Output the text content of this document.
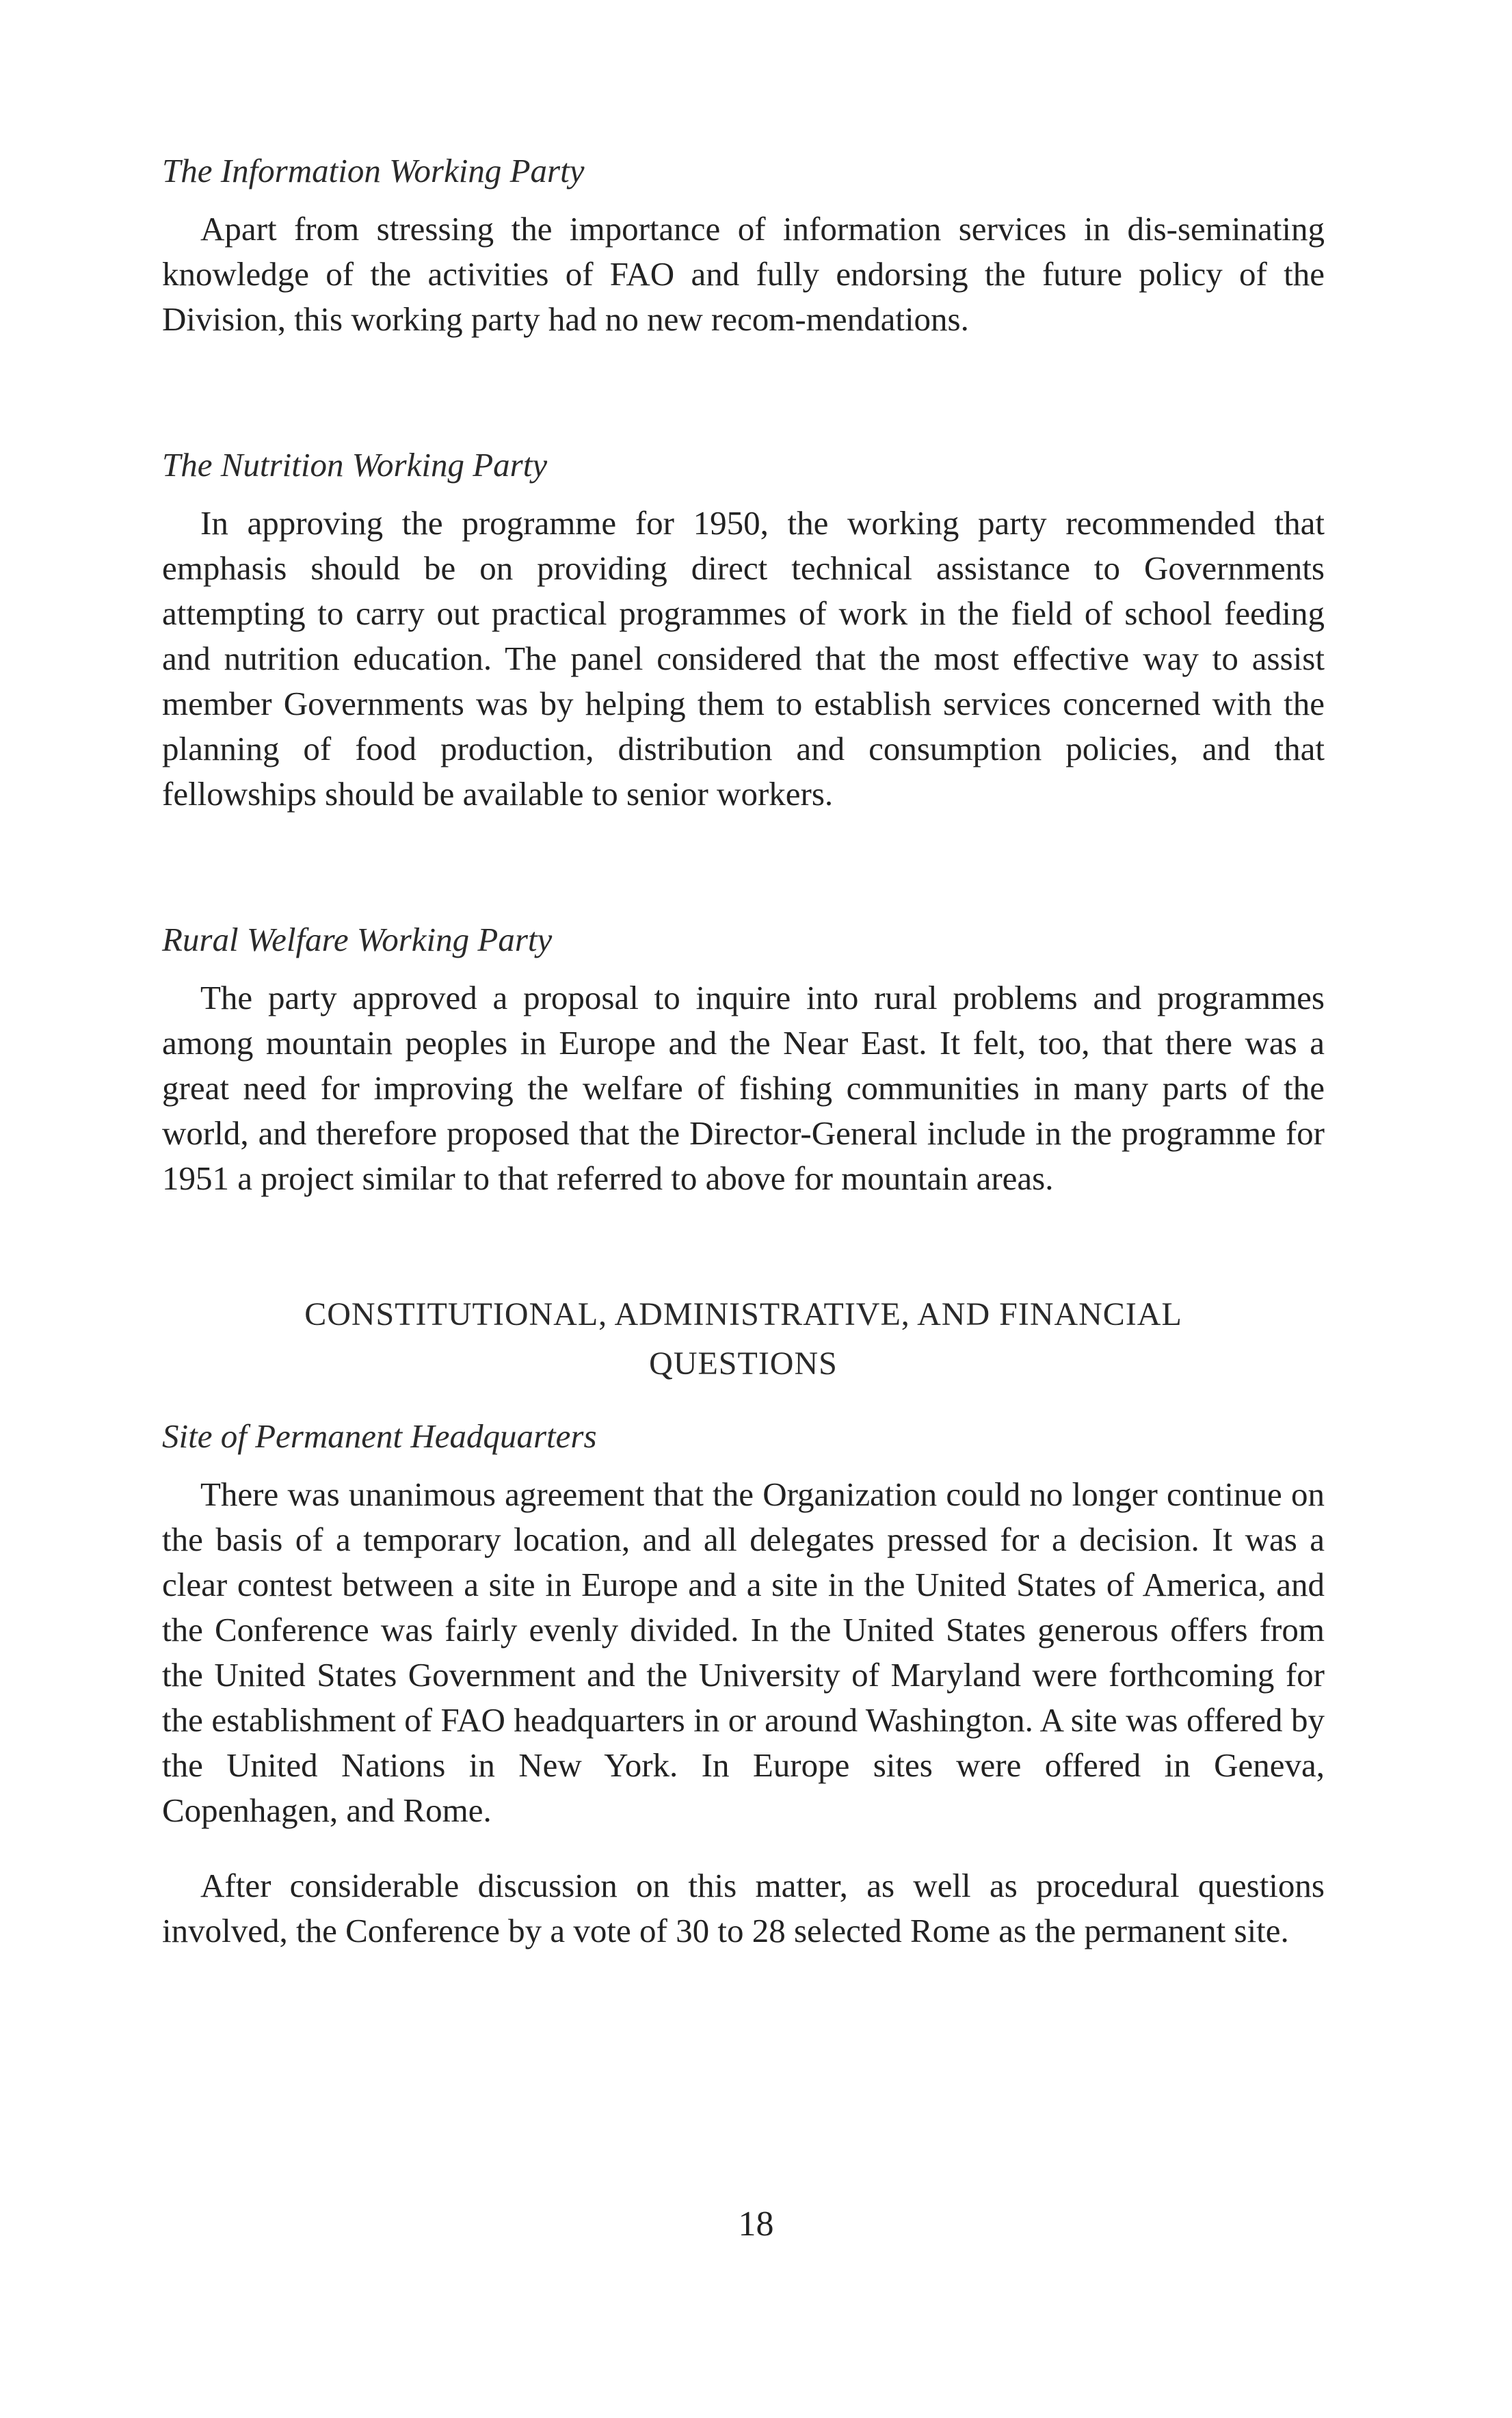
The Information Working Party

Apart from stressing the importance of information services in dis-seminating knowledge of the activities of FAO and fully endorsing the future policy of the Division, this working party had no new recom-mendations.

The Nutrition Working Party

In approving the programme for 1950, the working party recommended that emphasis should be on providing direct technical assistance to Governments attempting to carry out practical programmes of work in the field of school feeding and nutrition education. The panel considered that the most effective way to assist member Governments was by helping them to establish services concerned with the planning of food production, distribution and consumption policies, and that fellowships should be available to senior workers.

Rural Welfare Working Party

The party approved a proposal to inquire into rural problems and programmes among mountain peoples in Europe and the Near East. It felt, too, that there was a great need for improving the welfare of fishing communities in many parts of the world, and therefore proposed that the Director-General include in the programme for 1951 a project similar to that referred to above for mountain areas.

CONSTITUTIONAL, ADMINISTRATIVE, AND FINANCIAL
QUESTIONS
Site of Permanent Headquarters

There was unanimous agreement that the Organization could no longer continue on the basis of a temporary location, and all delegates pressed for a decision. It was a clear contest between a site in Europe and a site in the United States of America, and the Conference was fairly evenly divided. In the United States generous offers from the United States Government and the University of Maryland were forthcoming for the establishment of FAO headquarters in or around Washington. A site was offered by the United Nations in New York. In Europe sites were offered in Geneva, Copenhagen, and Rome.

After considerable discussion on this matter, as well as procedural questions involved, the Conference by a vote of 30 to 28 selected Rome as the permanent site.

18
